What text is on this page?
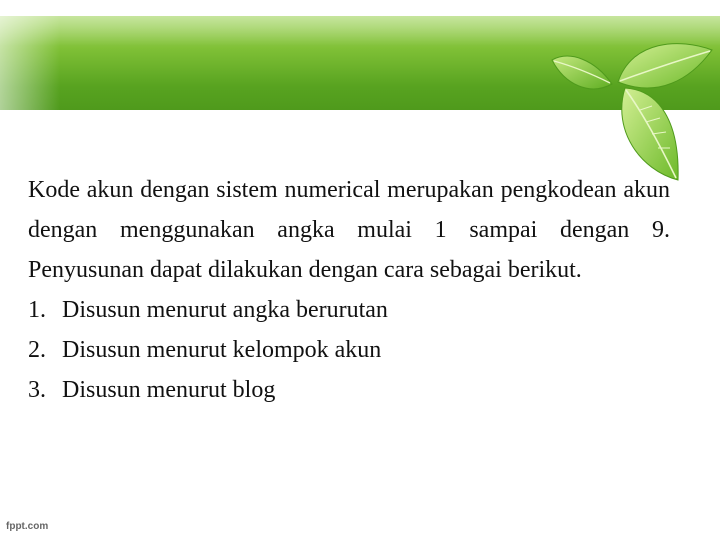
Kode akun dengan sistem numerical merupakan pengkodean akun dengan menggunakan angka mulai 1 sampai dengan 9. Penyusunan dapat dilakukan dengan cara sebagai berikut.

1. Disusun menurut angka berurutan
2. Disusun menurut kelompok akun
3. Disusun menurut blog
fppt.com
